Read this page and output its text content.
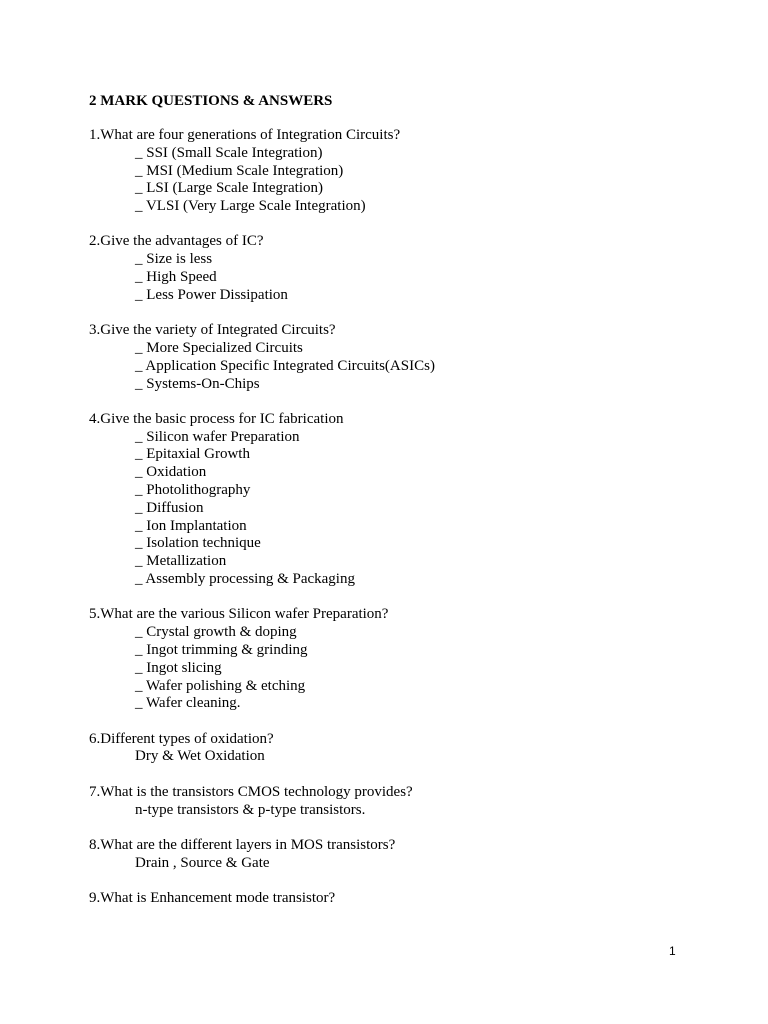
2 MARK QUESTIONS & ANSWERS
1.What are four generations of Integration Circuits?
_ SSI (Small Scale Integration)
_ MSI (Medium Scale Integration)
_ LSI (Large Scale Integration)
_ VLSI (Very Large Scale Integration)
2.Give the advantages of IC?
_ Size is less
_ High Speed
_ Less Power Dissipation
3.Give the variety of Integrated Circuits?
_ More Specialized Circuits
_ Application Specific Integrated Circuits(ASICs)
_ Systems-On-Chips
4.Give the basic process for IC fabrication
_ Silicon wafer Preparation
_ Epitaxial Growth
_ Oxidation
_ Photolithography
_ Diffusion
_ Ion Implantation
_ Isolation technique
_ Metallization
_ Assembly processing & Packaging
5.What are the various Silicon wafer Preparation?
_ Crystal growth & doping
_ Ingot trimming & grinding
_ Ingot slicing
_ Wafer polishing & etching
_ Wafer cleaning.
6.Different types of oxidation?
Dry & Wet Oxidation
7.What is the transistors CMOS technology provides?
n-type transistors & p-type transistors.
8.What are the different layers in MOS transistors?
Drain , Source & Gate
9.What is Enhancement mode transistor?
1
